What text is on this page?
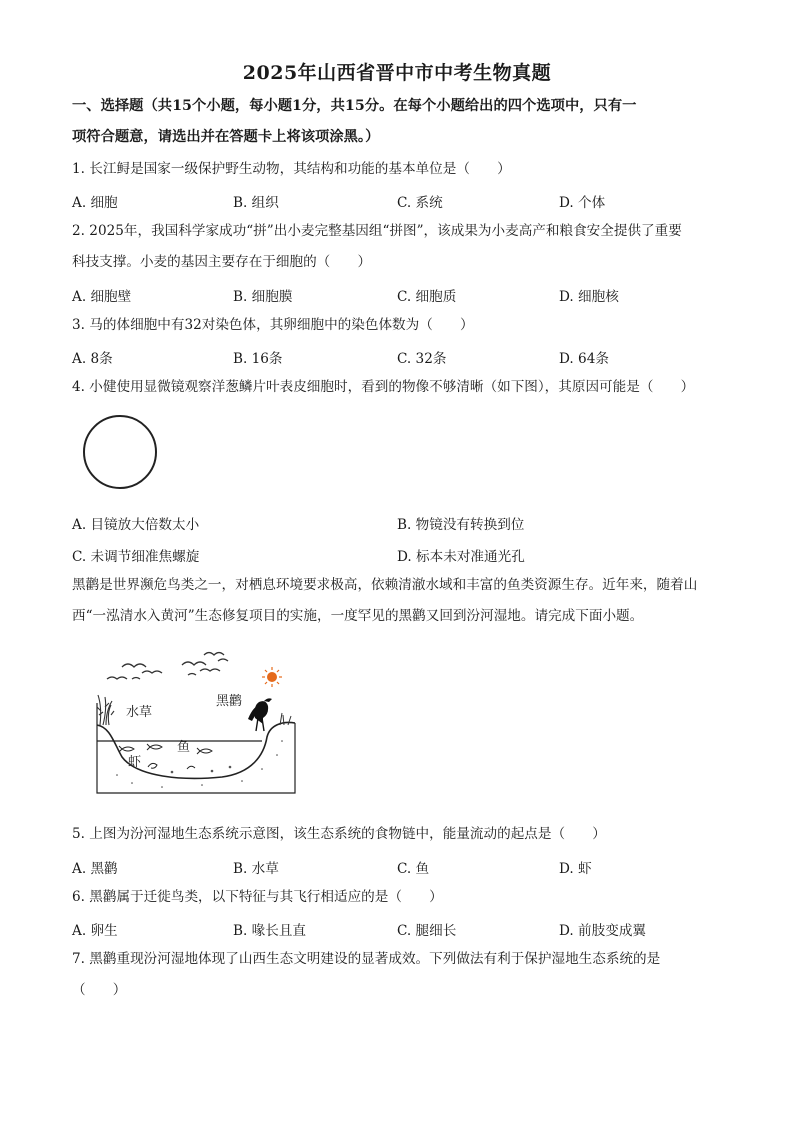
2025年山西省晋中市中考生物真题
一、选择题（共15个小题，每小题1分，共15分。在每个小题给出的四个选项中，只有一
项符合题意，请选出并在答题卡上将该项涂黑。）
1. 长江鲟是国家一级保护野生动物，其结构和功能的基本单位是（　　）
A. 细胞	B. 组织	C. 系统	D. 个体
2. 2025年，我国科学家成功“拼”出小麦完整基因组“拼图”，该成果为小麦高产和粮食安全提供了重要
科技支撑。小麦的基因主要存在于细胞的（　　）
A. 细胞壁	B. 细胞膜	C. 细胞质	D. 细胞核
3. 马的体细胞中有32对染色体，其卵细胞中的染色体数为（　　）
A. 8条	B. 16条	C. 32条	D. 64条
4. 小健使用显微镜观察洋葱鳞片叶表皮细胞时，看到的物像不够清晰（如下图），其原因可能是（　　）
A. 目镜放大倍数太小	B. 物镜没有转换到位
C. 未调节细准焦螺旋	D. 标本未对准通光孔
黑鹳是世界濒危鸟类之一，对栖息环境要求极高，依赖清澈水域和丰富的鱼类资源生存。近年来，随着山
西“一泓清水入黄河”生态修复项目的实施，一度罕见的黑鹳又回到汾河湿地。请完成下面小题。
水草
黑鹳
鱼
虾
5. 上图为汾河湿地生态系统示意图，该生态系统的食物链中，能量流动的起点是（　　）
A. 黑鹳	B. 水草	C. 鱼	D. 虾
6. 黑鹳属于迁徙鸟类，以下特征与其飞行相适应的是（　　）
A. 卵生	B. 喙长且直	C. 腿细长	D. 前肢变成翼
7. 黑鹳重现汾河湿地体现了山西生态文明建设的显著成效。下列做法有利于保护湿地生态系统的是
（　　）
